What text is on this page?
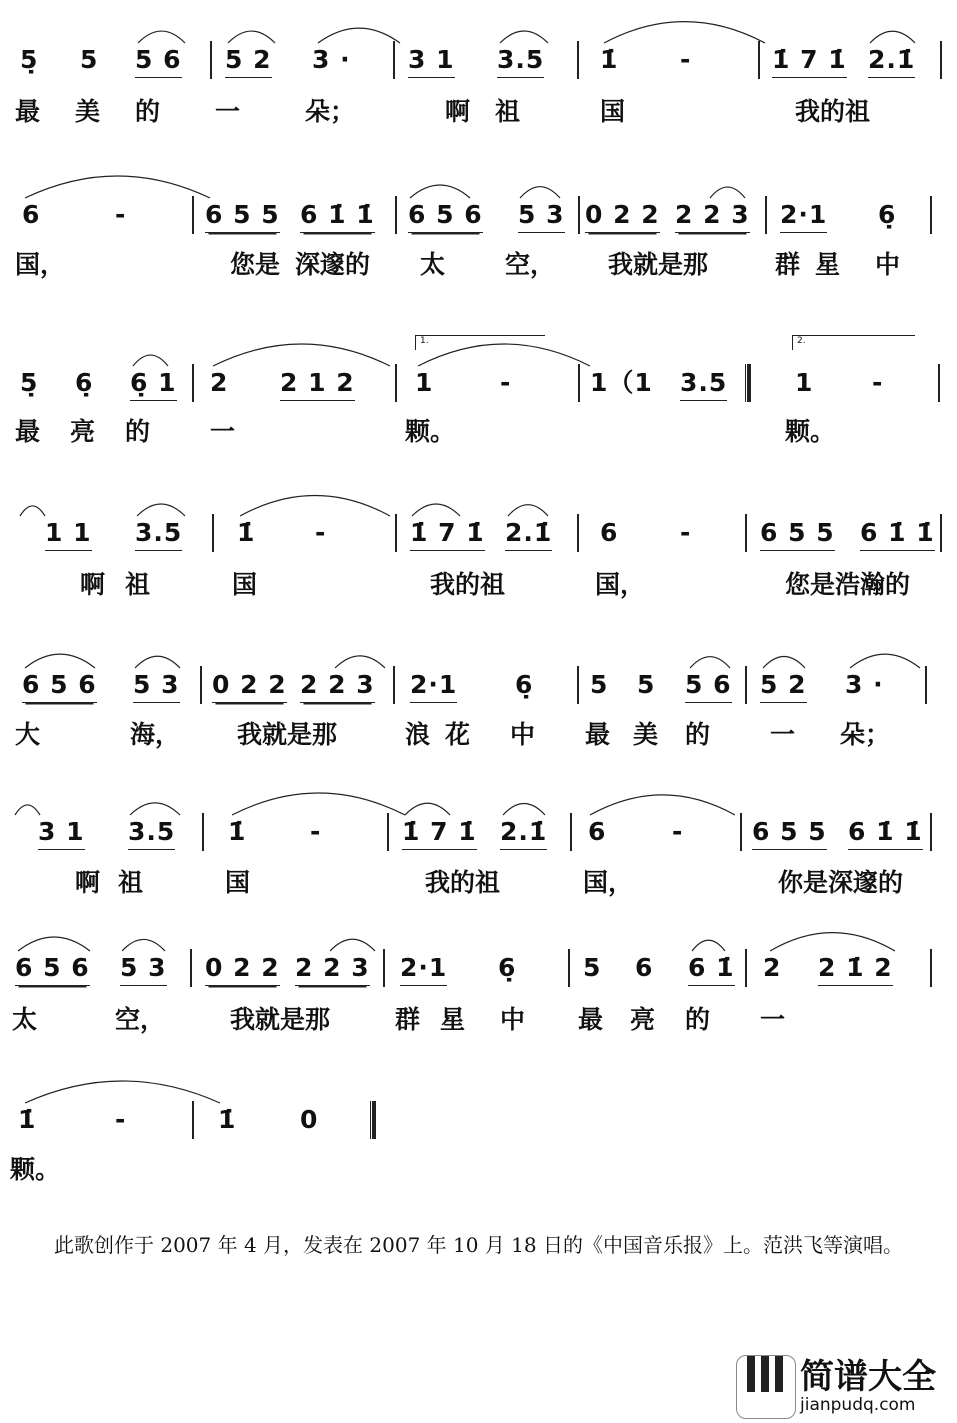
5̣ 5 5 6 5 2 3 · 3 1 3.5 1̇ -	1̇ 7 1̇ 2.1̇
最 美 的 一	朵；	啊 祖	国	我的祖
6	-	6 5 5 6 1̇ 1̇ 6 5 6 5 3 0 2 2 2 2 3 2·1 6̣
国，	您是 深邃的 太 空， 我就是那	群 星 中
5̣ 6̣ 6̣ 1 2 2 1 2 1	-	1（1 3.5	1 -
最 亮 的 一	颗。	颗。
1.	2.
1 1 3.5 1̇ -	1̇ 7 1̇ 2.1̇ 6 -	6 5 5 6 1̇ 1̇
啊 祖	国	我的祖	国，	您是浩瀚的
6 5 6 5 3 0 2 2 2 2 3 2·1 6̣ 5 5 5 6 5 2 3 ·
大	海， 我就是那	浪 花 中 最 美 的 一 朵；
3 1 3.5 1̇	-	1̇ 7 1̇ 2.1̇ 6	-	6 5 5 6 1̇ 1̇
啊 祖	国	我的祖	国，	你是深邃的
6 5 6 5 3 0 2 2 2 2 3 2·1 6̣	5 6 6 1̇ 2 2 1̇ 2
太	空，	我就是那	群 星 中 最 亮 的 一
1̇	-	1̇	0
颗。

此歌创作于 2007 年 4 月，发表在 2007 年 10 月 18 日的《中国音乐报》上。范洪飞等演唱。

简谱大全
jianpudq.com
